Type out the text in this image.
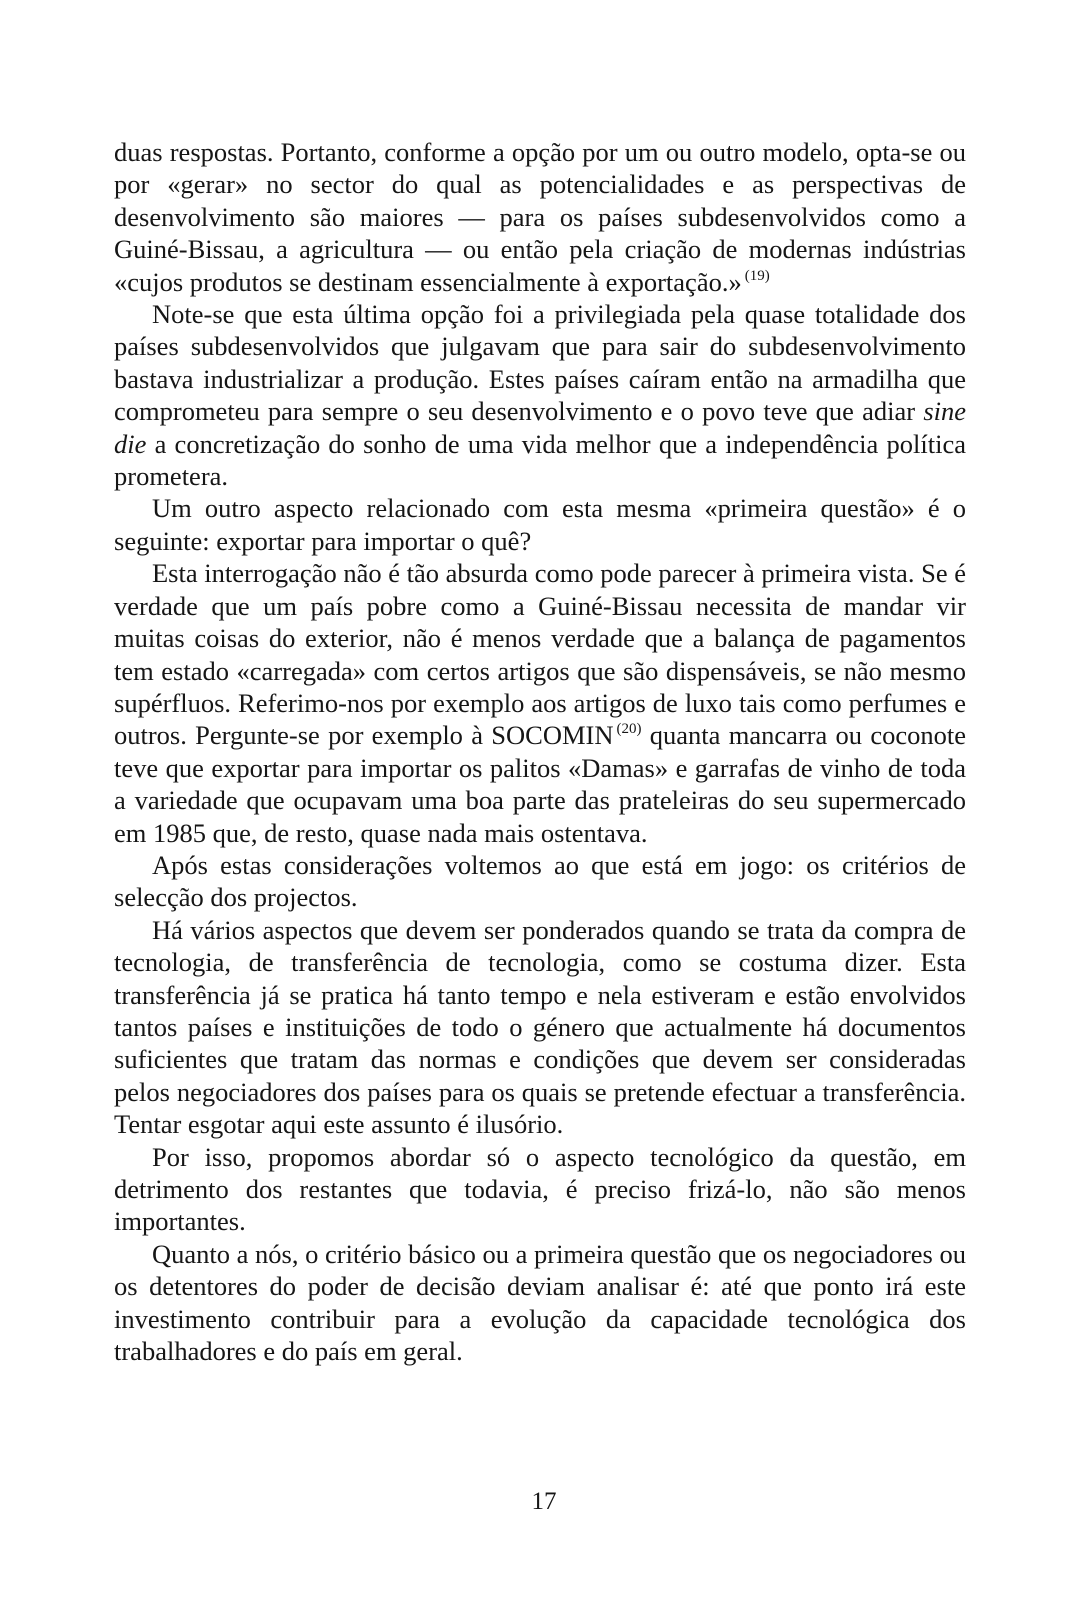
duas respostas. Portanto, conforme a opção por um ou outro modelo, opta-se ou por «gerar» no sector do qual as potencialidades e as perspectivas de desenvolvimento são maiores — para os países subdesenvolvidos como a Guiné-Bissau, a agricultura — ou então pela criação de modernas indústrias «cujos produtos se destinam essencialmente à exportação.» $^{(19)}$

Note-se que esta última opção foi a privilegiada pela quase totalidade dos países subdesenvolvidos que julgavam que para sair do subdesenvolvimento bastava industrializar a produção. Estes países caíram então na armadilha que comprometeu para sempre o seu desenvolvimento e o povo teve que adiar sine die a concretização do sonho de uma vida melhor que a independência política prometera.

Um outro aspecto relacionado com esta mesma «primeira questão» é o seguinte: exportar para importar o quê?

Esta interrogação não é tão absurda como pode parecer à primeira vista. Se é verdade que um país pobre como a Guiné-Bissau necessita de mandar vir muitas coisas do exterior, não é menos verdade que a balança de pagamentos tem estado «carregada» com certos artigos que são dispensáveis, se não mesmo supérfluos. Referimo-nos por exemplo aos artigos de luxo tais como perfumes e outros. Pergunte-se por exemplo à SOCOMIN $^{(20)}$ quanta mancarra ou coconote teve que exportar para importar os palitos «Damas» e garrafas de vinho de toda a variedade que ocupavam uma boa parte das prateleiras do seu supermercado em 1985 que, de resto, quase nada mais ostentava.

Após estas considerações voltemos ao que está em jogo: os critérios de selecção dos projectos.

Há vários aspectos que devem ser ponderados quando se trata da compra de tecnologia, de transferência de tecnologia, como se costuma dizer. Esta transferência já se pratica há tanto tempo e nela estiveram e estão envolvidos tantos países e instituições de todo o género que actualmente há documentos suficientes que tratam das normas e condições que devem ser consideradas pelos negociadores dos países para os quais se pretende efectuar a transferência. Tentar esgotar aqui este assunto é ilusório.

Por isso, propomos abordar só o aspecto tecnológico da questão, em detrimento dos restantes que todavia, é preciso frizá-lo, não são menos importantes.

Quanto a nós, o critério básico ou a primeira questão que os negociadores ou os detentores do poder de decisão deviam analisar é: até que ponto irá este investimento contribuir para a evolução da capacidade tecnológica dos trabalhadores e do país em geral.

17
